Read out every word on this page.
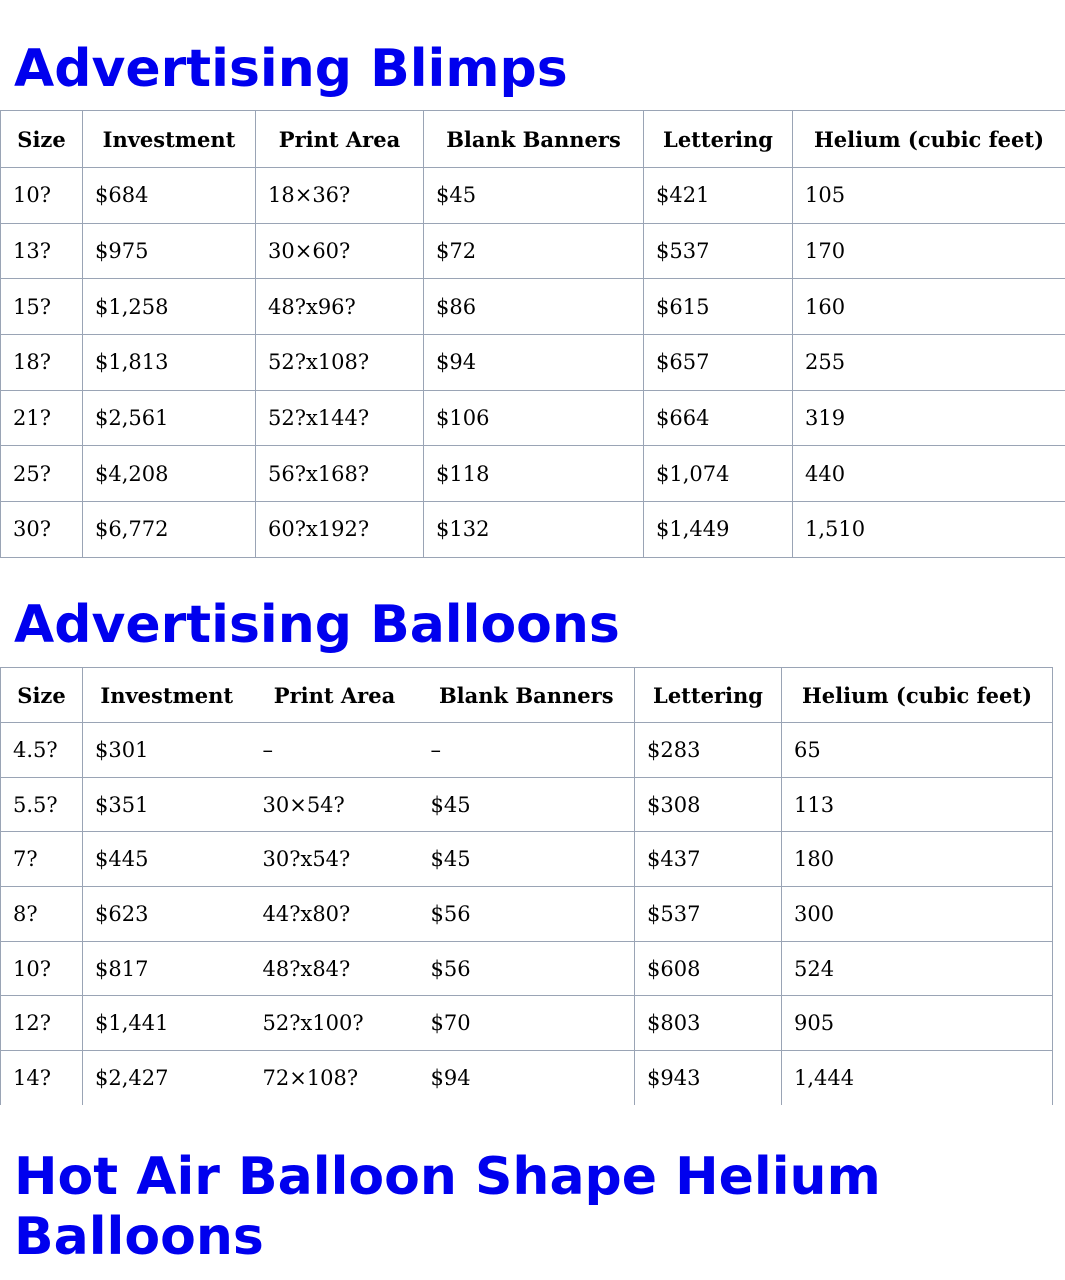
Advertising Blimps
Size	Investment	Print Area	Blank Banners	Lettering	Helium (cubic feet)
10?	$684	18×36?	$45	$421	105
13?	$975	30×60?	$72	$537	170
15?	$1,258	48?x96?	$86	$615	160
18?	$1,813	52?x108?	$94	$657	255
21?	$2,561	52?x144?	$106	$664	319
25?	$4,208	56?x168?	$118	$1,074	440
30?	$6,772	60?x192?	$132	$1,449	1,510
Advertising Balloons
Size	Investment	Print Area	Blank Banners	Lettering	Helium (cubic feet)
4.5?	$301	–	–	$283	65
5.5?	$351	30×54?	$45	$308	113
7?	$445	30?x54?	$45	$437	180
8?	$623	44?x80?	$56	$537	300
10?	$817	48?x84?	$56	$608	524
12?	$1,441	52?x100?	$70	$803	905
14?	$2,427	72×108?	$94	$943	1,444
Hot Air Balloon Shape Helium Balloons
